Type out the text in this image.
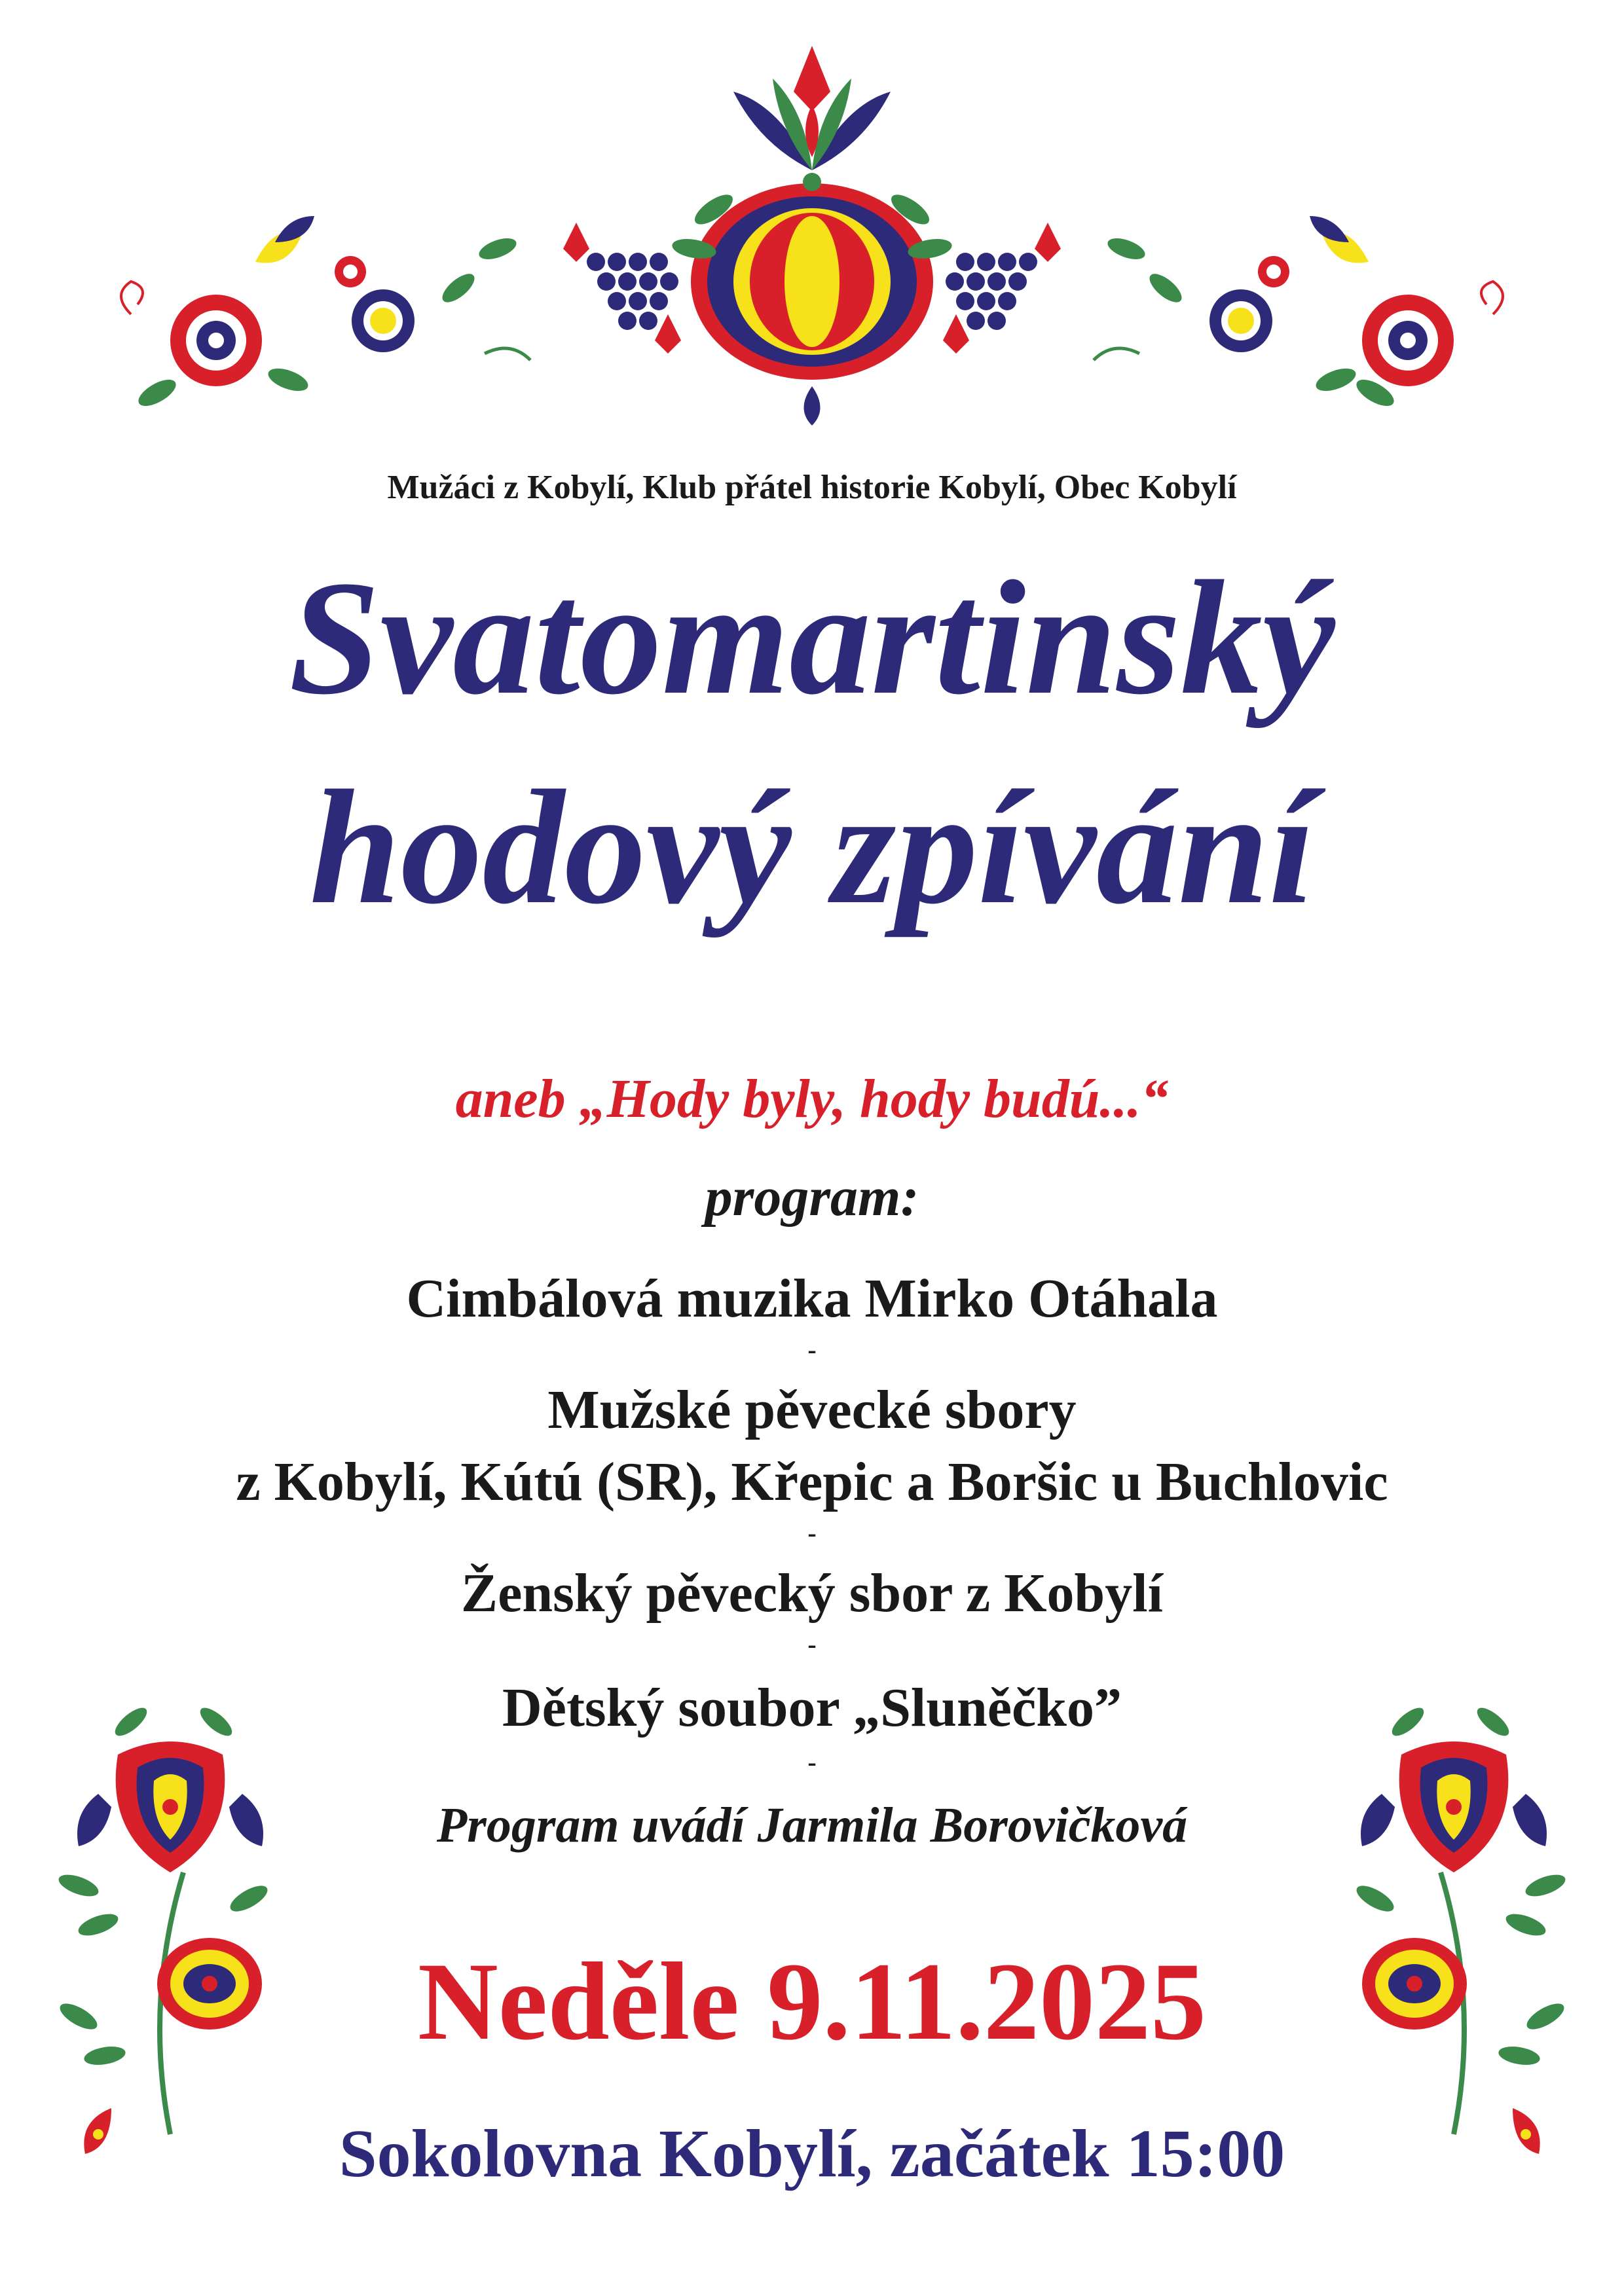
Mužáci z Kobylí, Klub přátel historie Kobylí, Obec Kobylí
Svatomartinský
hodový zpívání
aneb „Hody byly, hody budú...“
program:
Cimbálová muzika Mirko Otáhala
-
Mužské pěvecké sbory
z Kobylí, Kútú (SR), Křepic a Boršic u Buchlovic
-
Ženský pěvecký sbor z Kobylí
-
Dětský soubor „Sluněčko”
-
Program uvádí Jarmila Borovičková
Neděle 9.11.2025
Sokolovna Kobylí, začátek 15:00
